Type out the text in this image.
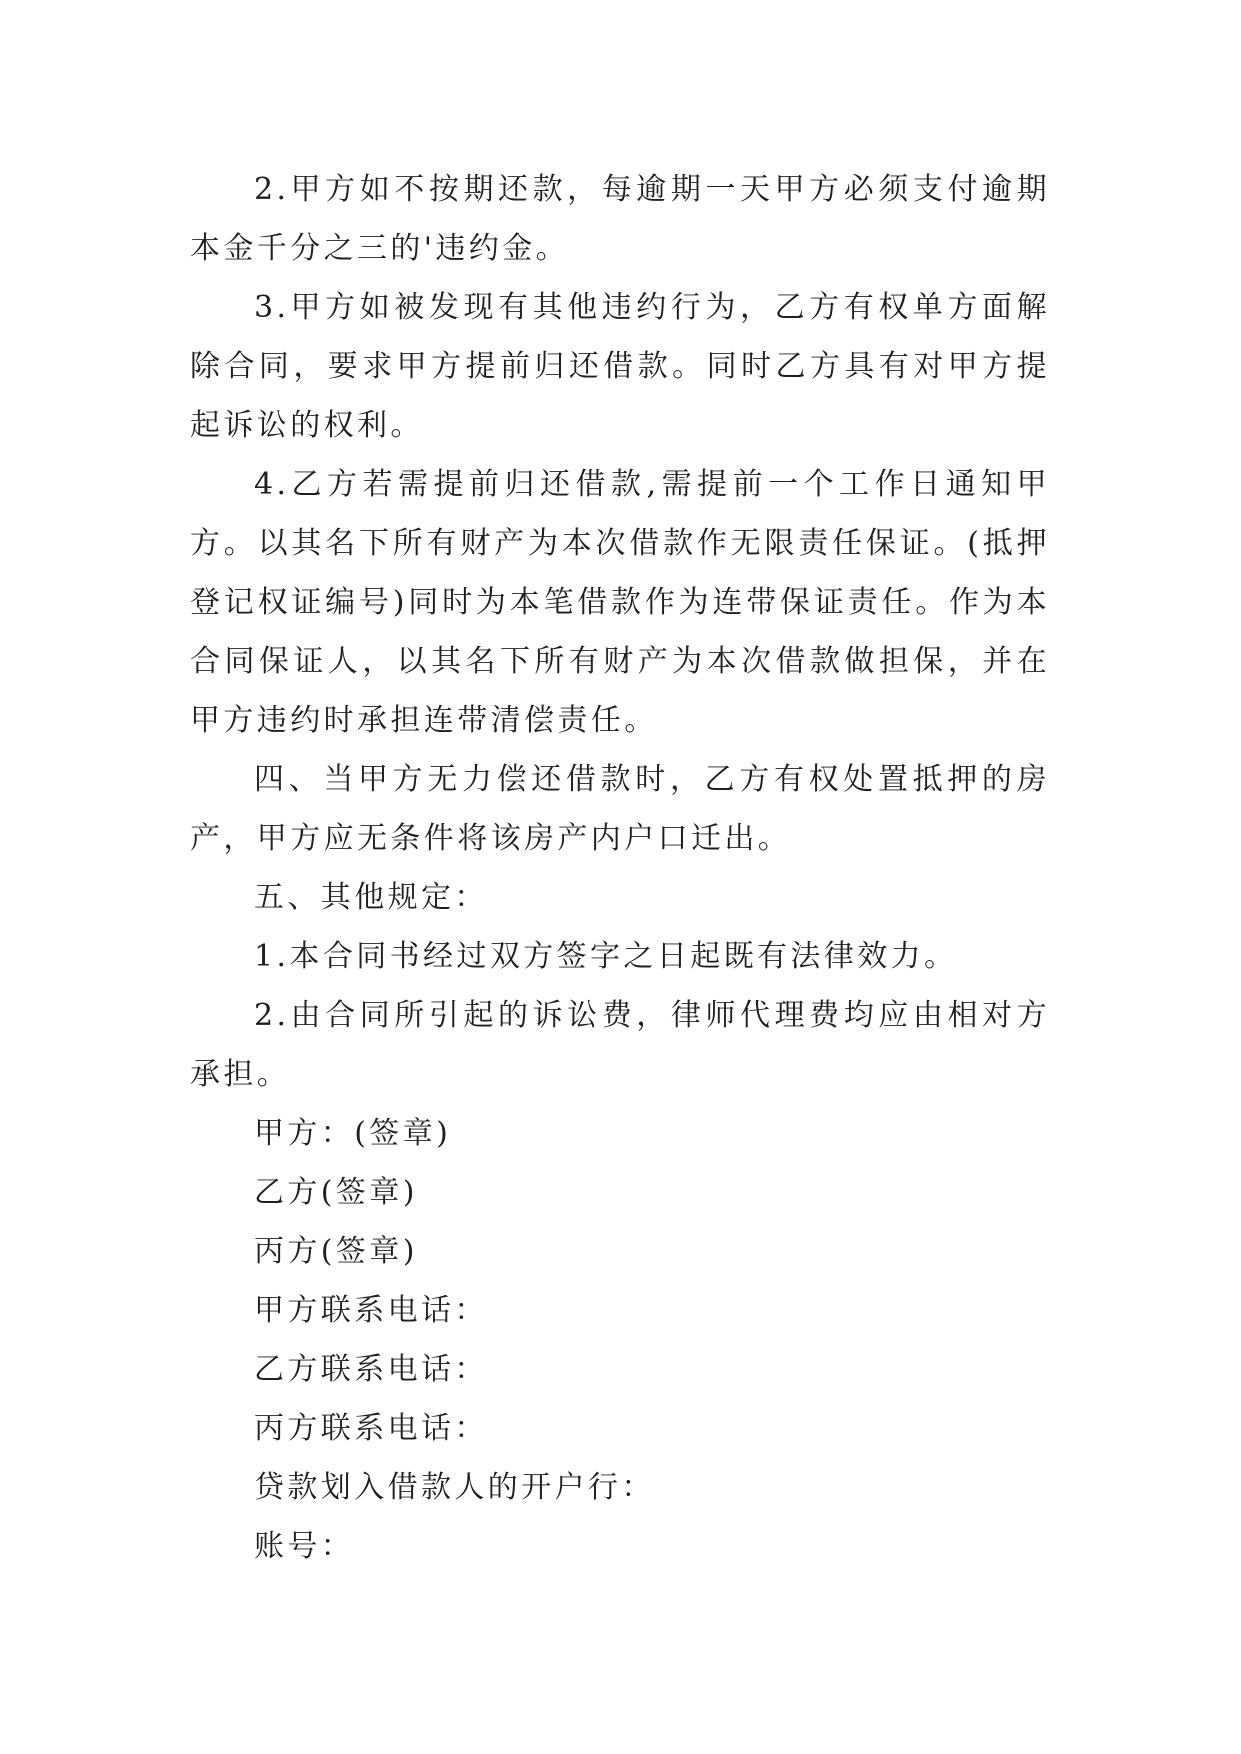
2.甲方如不按期还款，每逾期一天甲方必须支付逾期本金千分之三的'违约金。

3.甲方如被发现有其他违约行为，乙方有权单方面解除合同，要求甲方提前归还借款。同时乙方具有对甲方提起诉讼的权利。

4.乙方若需提前归还借款,需提前一个工作日通知甲方。以其名下所有财产为本次借款作无限责任保证。(抵押登记权证编号)同时为本笔借款作为连带保证责任。作为本合同保证人，以其名下所有财产为本次借款做担保，并在甲方违约时承担连带清偿责任。

四、当甲方无力偿还借款时，乙方有权处置抵押的房产，甲方应无条件将该房产内户口迁出。

五、其他规定：

1.本合同书经过双方签字之日起既有法律效力。

2.由合同所引起的诉讼费，律师代理费均应由相对方承担。

甲方：(签章)

乙方(签章)

丙方(签章)

甲方联系电话：

乙方联系电话：

丙方联系电话：

贷款划入借款人的开户行：

账号：
